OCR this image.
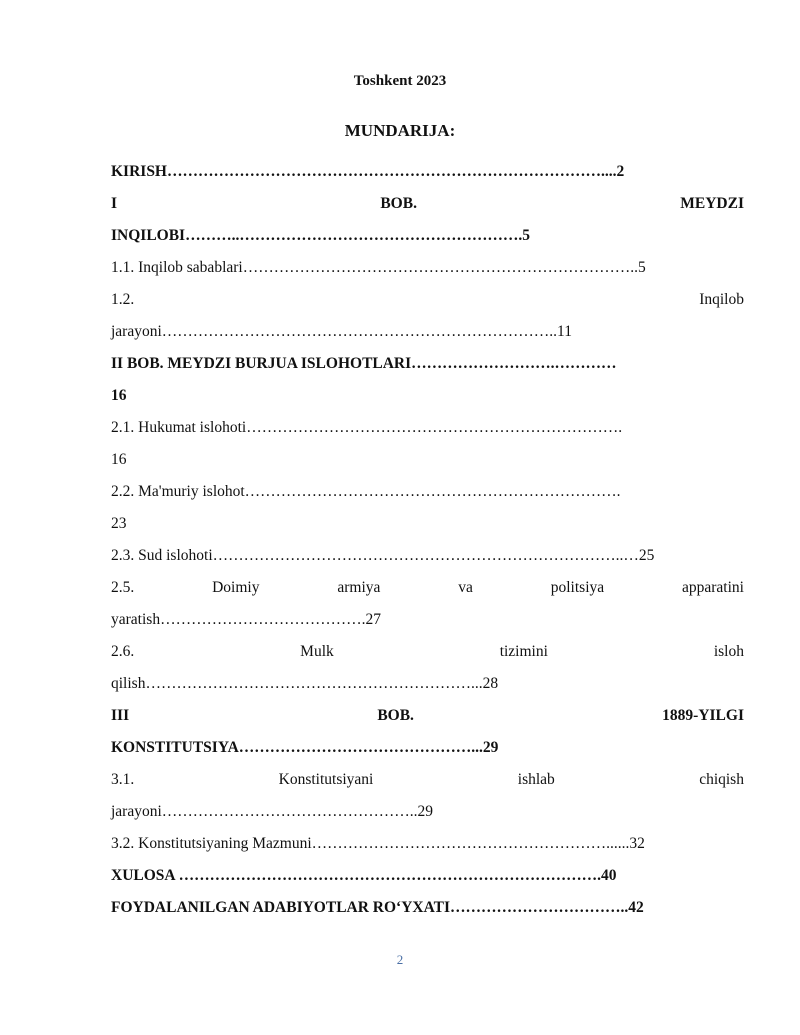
Toshkent 2023
MUNDARIJA:
KIRISH…………………………………………………………………………....2
I	BOB.	MEYDZI
INQILOBI………..……………………………………………….5
1.1. Inqilob sabablari…………………………………………………………………..5
1.2.	Inqilob
jarayoni…………………………………………………………………..11
II BOB. MEYDZI BURJUA ISLOHOTLARI……………………….…………
16
2.1. Hukumat islohoti……………………………………………………………….
16
2.2. Ma'muriy islohot……………………………………………………………….
23
2.3. Sud islohoti……………………………………………………………………..…25
2.5.	Doimiy	armiya	va	politsiya	apparatini
yaratish………………………………….27
2.6.	Mulk	tizimini	isloh
qilish………………………………………………………...28
III	BOB.	1889-YILGI
KONSTITUTSIYA………………………………………...29
3.1.	Konstitutsiyani	ishlab	chiqish
jarayoni…………………………………………..29
3.2. Konstitutsiyaning Mazmuni…………………………………………………......32
XULOSA ……………………………………………………………………….40
FOYDALANILGAN ADABIYOTLAR RO‘YXATI……………………………..42
2
